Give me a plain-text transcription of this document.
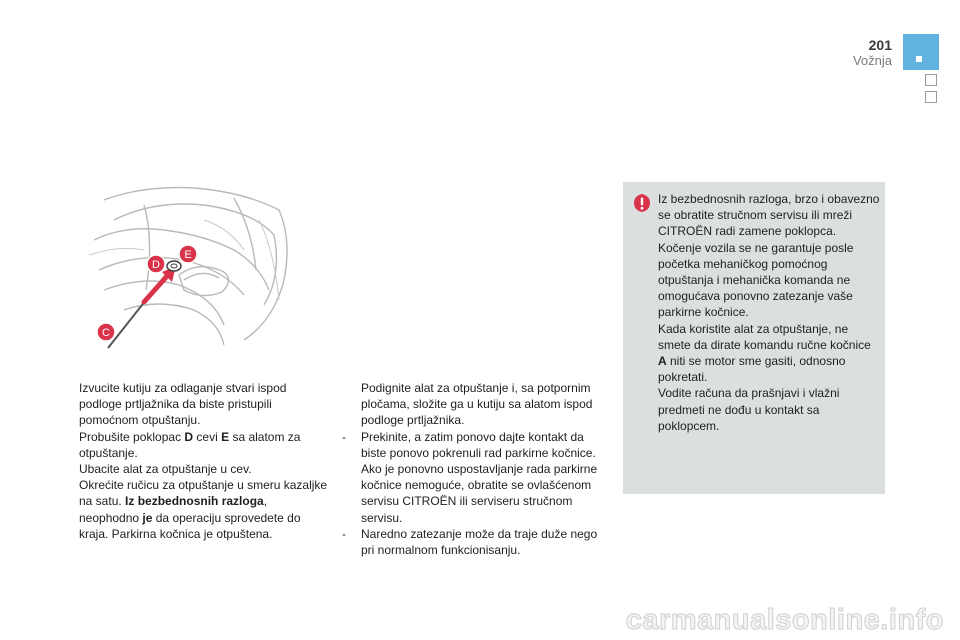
201
Vožnja
C
D
E

Izvucite kutiju za odlaganje stvari ispod podloge prtljažnika da biste pristupili pomoćnom otpuštanju.

Probušite poklopac D cevi E sa alatom za otpuštanje.

Ubacite alat za otpuštanje u cev.

Okrećite ručicu za otpuštanje u smeru kazaljke na satu. Iz bezbednosnih razloga, neophodno je da operaciju sprovedete do kraja. Parkirna kočnica je otpuštena.

Podignite alat za otpuštanje i, sa potpornim pločama, složite ga u kutiju sa alatom ispod podloge prtljažnika.

- Prekinite, a zatim ponovo dajte kontakt da biste ponovo pokrenuli rad parkirne kočnice. Ako je ponovno uspostavljanje rada parkirne kočnice nemoguće, obratite se ovlašćenom servisu CITROËN ili serviseru stručnom servisu.

- Naredno zatezanje može da traje duže nego pri normalnom funkcionisanju.

Iz bezbednosnih razloga, brzo i obavezno se obratite stručnom servisu ili mreži CITROËN radi zamene poklopca.
Kočenje vozila se ne garantuje posle početka mehaničkog pomoćnog otpuštanja i mehanička komanda ne omogućava ponovno zatezanje vaše parkirne kočnice.
Kada koristite alat za otpuštanje, ne smete da dirate komandu ručne kočnice A niti se motor sme gasiti, odnosno pokretati.
Vodite računa da prašnjavi i vlažni predmeti ne dođu u kontakt sa poklopcem.
carmanualsonline.info
